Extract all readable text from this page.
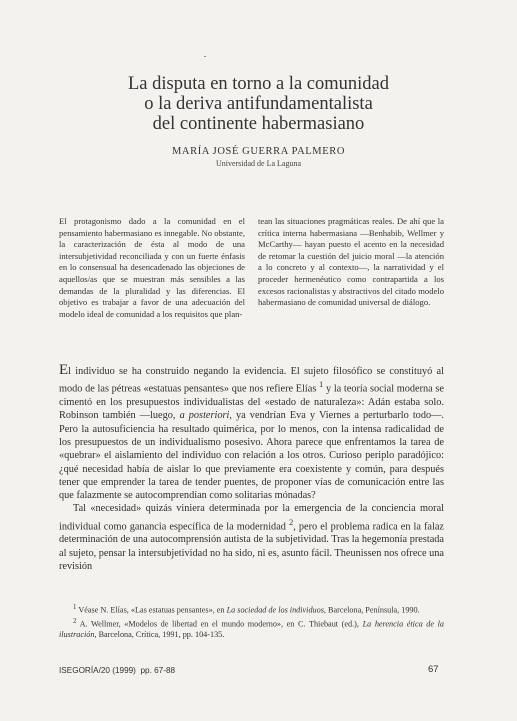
La disputa en torno a la comunidad
o la deriva antifundamentalista
del continente habermasiano
MARÍA JOSÉ GUERRA PALMERO
Universidad de La Laguna
El protagonismo dado a la comunidad en el pensamiento habermasiano es innegable. No obstante, la caracterización de ésta al modo de una intersubjetividad reconciliada y con un fuerte énfasis en lo consensual ha desencadenado las objeciones de aquellos/as que se muestran más sensibles a las demandas de la pluralidad y las diferencias. El objetivo es trabajar a favor de una adecuación del modelo ideal de comunidad a los requisitos que plan-
tean las situaciones pragmáticas reales. De ahí que la crítica interna habermasiana —Benhabib, Wellmer y McCarthy— hayan puesto el acento en la necesidad de retomar la cuestión del juicio moral —la atención a lo concreto y al contexto—, la narratividad y el proceder hermenéutico como contrapartida a los excesos racionalistas y abstractivos del citado modelo habermasiano de comunidad universal de diálogo.

El individuo se ha construido negando la evidencia. El sujeto filosófico se constituyó al modo de las pétreas «estatuas pensantes» que nos refiere Elías $^1$ y la teoría social moderna se cimentó en los presupuestos individualistas del «estado de naturaleza»: Adán estaba solo. Robinson también —luego, a posteriori, ya vendrían Eva y Viernes a perturbarlo todo—. Pero la autosuficiencia ha resultado quimérica, por lo menos, con la intensa radicalidad de los presupuestos de un individualismo posesivo. Ahora parece que enfrentamos la tarea de «quebrar» el aislamiento del individuo con relación a los otros. Curioso periplo paradójico: ¿qué necesidad había de aislar lo que previamente era coexistente y común, para después tener que emprender la tarea de tender puentes, de proponer vías de comunicación entre las que falazmente se autocomprendían como solitarias mónadas?

Tal «necesidad» quizás viniera determinada por la emergencia de la conciencia moral individual como ganancia específica de la modernidad $^2$, pero el problema radica en la falaz determinación de una autocomprensión autista de la subjetividad. Tras la hegemonía prestada al sujeto, pensar la intersubjetividad no ha sido, ni es, asunto fácil. Theunissen nos ofrece una revisión

$^1$ Véase N. Elías, «Las estatuas pensantes», en La sociedad de los individuos, Barcelona, Península, 1990.

$^2$ A. Wellmer, «Modelos de libertad en el mundo moderno», en C. Thiebaut (ed.), La herencia ética de la ilustración, Barcelona, Crítica, 1991, pp. 104-135.

ISEGORÍA/20 (1999) pp. 67-88	67
